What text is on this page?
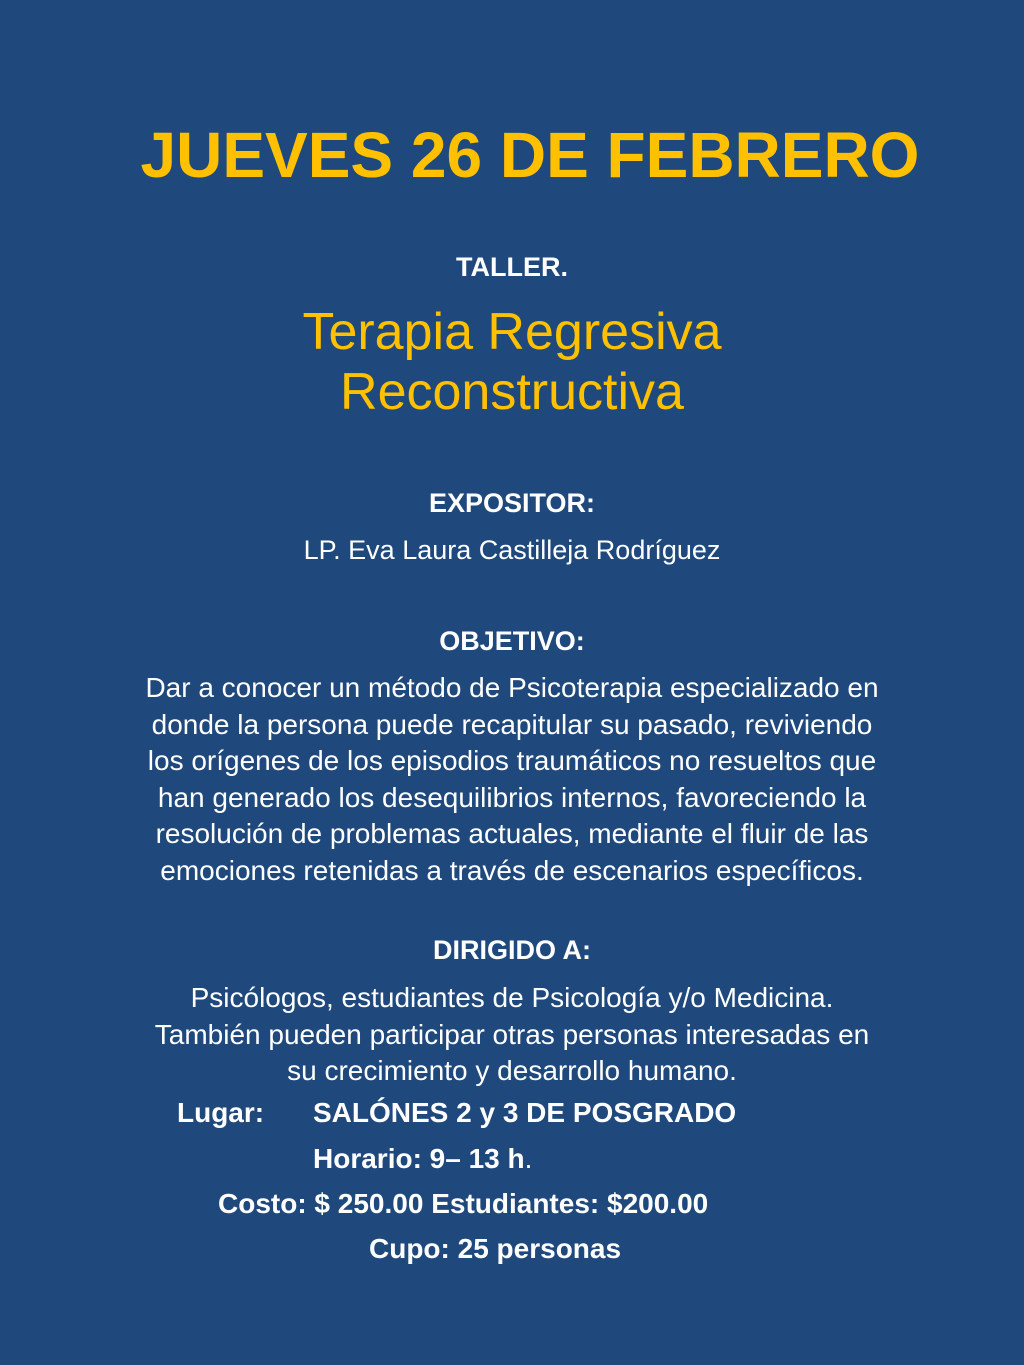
JUEVES 26 DE FEBRERO
TALLER.
Terapia Regresiva
Reconstructiva
EXPOSITOR:
LP. Eva Laura Castilleja Rodríguez
OBJETIVO:

Dar a conocer un método de Psicoterapia especializado en

donde la persona puede recapitular su pasado, reviviendo

los orígenes de los episodios traumáticos no resueltos que

han generado los desequilibrios internos, favoreciendo la

resolución de problemas actuales, mediante el fluir de las

emociones retenidas a través de escenarios específicos.

DIRIGIDO A:

Psicólogos, estudiantes de Psicología y/o Medicina.

También pueden participar otras personas interesadas en

su crecimiento y desarrollo humano.

Lugar: SALÓNES 2 y 3 DE POSGRADO
Horario: 9– 13 h.
Costo: $ 250.00 Estudiantes: $200.00
Cupo: 25 personas
